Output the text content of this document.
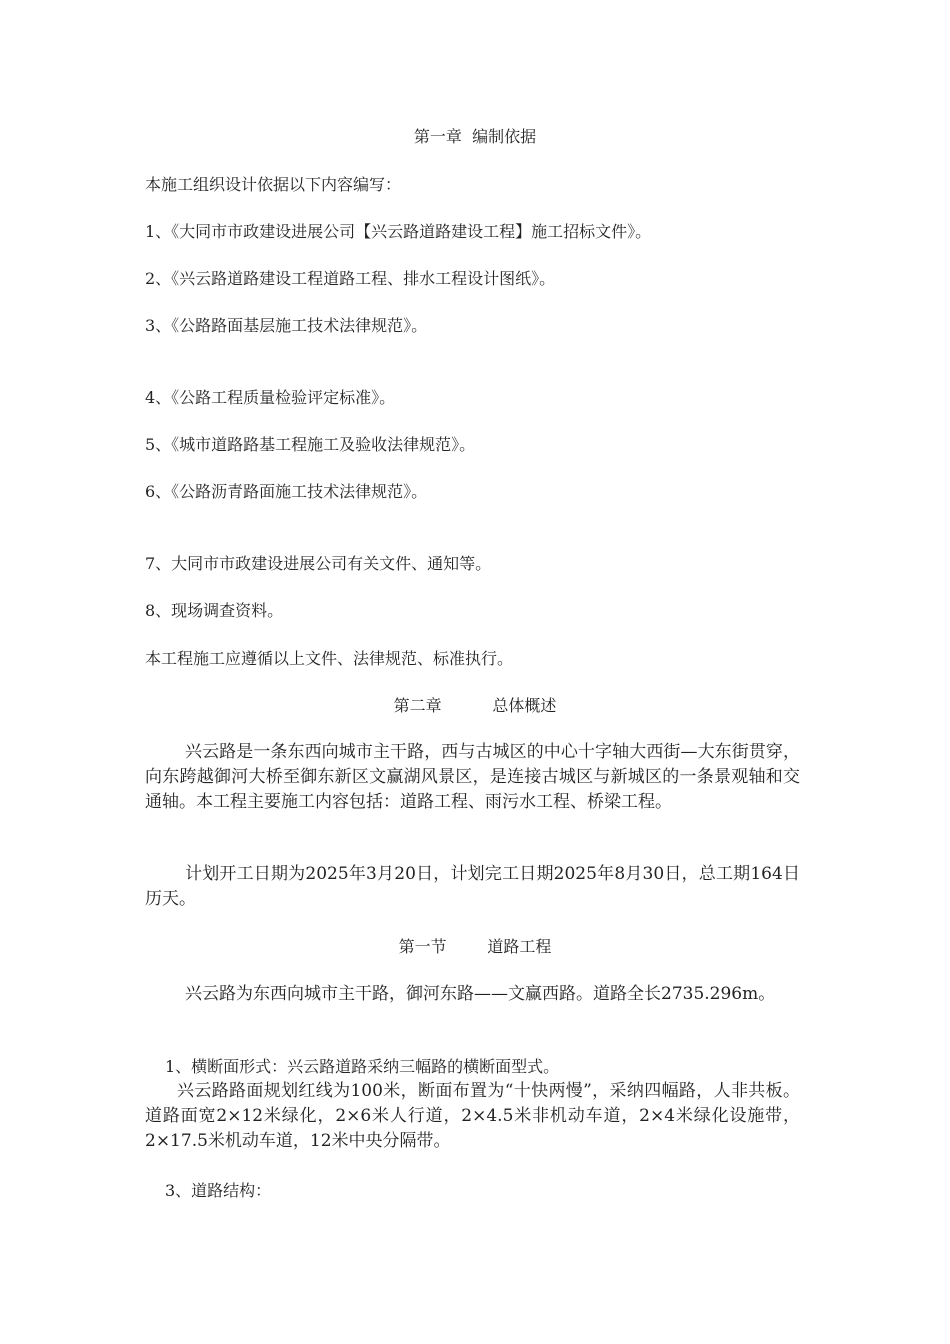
第一章  编制依据
本施工组织设计依据以下内容编写：
1、《大同市市政建设进展公司【兴云路道路建设工程】施工招标文件》。
2、《兴云路道路建设工程道路工程、排水工程设计图纸》。
3、《公路路面基层施工技术法律规范》。
4、《公路工程质量检验评定标准》。
5、《城市道路路基工程施工及验收法律规范》。
6、《公路沥青路面施工技术法律规范》。
7、大同市市政建设进展公司有关文件、通知等。
8、现场调查资料。
本工程施工应遵循以上文件、法律规范、标准执行。
第二章          总体概述
兴云路是一条东西向城市主干路，西与古城区的中心十字轴大西街—大东街贯穿，向东跨越御河大桥至御东新区文赢湖风景区，是连接古城区与新城区的一条景观轴和交通轴。本工程主要施工内容包括：道路工程、雨污水工程、桥梁工程。
计划开工日期为2025年3月20日，计划完工日期2025年8月30日，总工期164日历天。
第一节        道路工程
兴云路为东西向城市主干路，御河东路——文赢西路。道路全长2735.296m。
1、横断面形式：兴云路道路采纳三幅路的横断面型式。
兴云路路面规划红线为100米，断面布置为“十快两慢”，采纳四幅路，人非共板。道路面宽2×12米绿化，2×6米人行道，2×4.5米非机动车道，2×4米绿化设施带，2×17.5米机动车道，12米中央分隔带。
3、道路结构：
